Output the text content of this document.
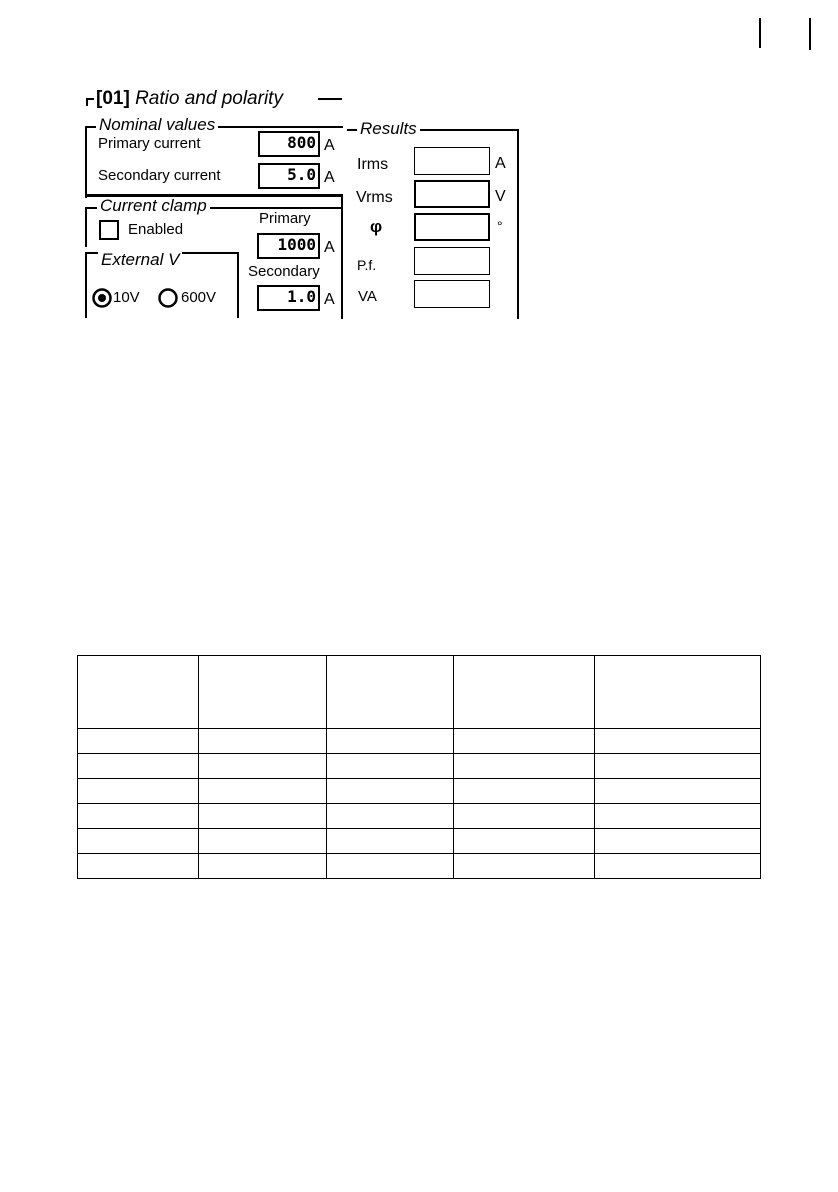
[01] Ratio and polarity
Nominal values
Primary current	800 A
Secondary current	5.0 A
Current clamp
Enabled
Primary
1000 A
Secondary
1.0 A
External V
10V	600V
Results
Irms	A
Vrms	V
φ	°
P.f.
VA
